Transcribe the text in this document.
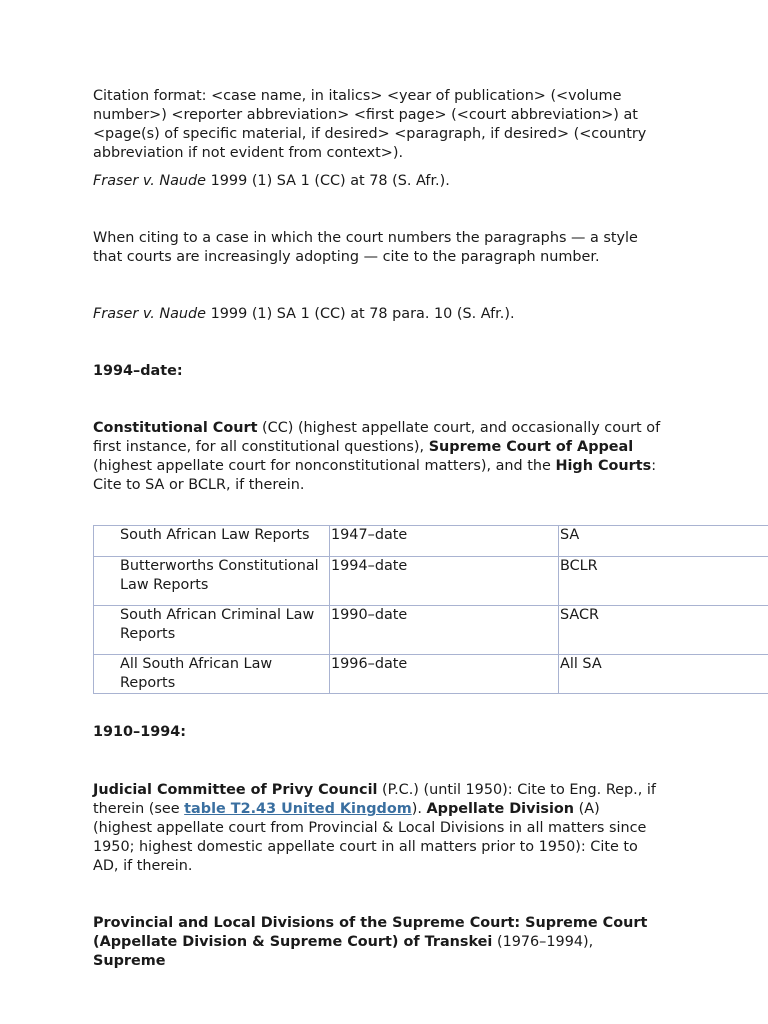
Citation format: <case name, in italics> <year of publication> (<volume number>) <reporter abbreviation> <first page> (<court abbreviation>) at <page(s) of specific material, if desired> <paragraph, if desired> (<country abbreviation if not evident from context>).

Fraser v. Naude 1999 (1) SA 1 (CC) at 78 (S. Afr.).

When citing to a case in which the court numbers the paragraphs — a style that courts are increasingly adopting — cite to the paragraph number.

Fraser v. Naude 1999 (1) SA 1 (CC) at 78 para. 10 (S. Afr.).

1994–date:

Constitutional Court (CC) (highest appellate court, and occasionally court of first instance, for all constitutional questions), Supreme Court of Appeal (highest appellate court for nonconstitutional matters), and the High Courts: Cite to SA or BCLR, if therein.

South African Law Reports	1947–date	SA
Butterworths Constitutional Law Reports	1994–date	BCLR
South African Criminal Law Reports	1990–date	SACR
All South African Law Reports	1996–date	All SA

1910–1994:

Judicial Committee of Privy Council (P.C.) (until 1950): Cite to Eng. Rep., if therein (see table T2.43 United Kingdom). Appellate Division (A) (highest appellate court from Provincial & Local Divisions in all matters since 1950; highest domestic appellate court in all matters prior to 1950): Cite to AD, if therein.

Provincial and Local Divisions of the Supreme Court: Supreme Court (Appellate Division & Supreme Court) of Transkei (1976–1994), Supreme
